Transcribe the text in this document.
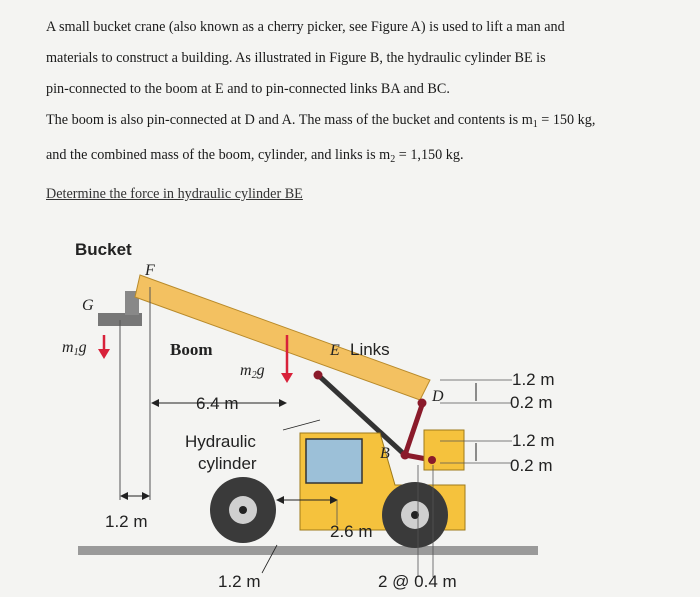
A small bucket crane (also known as a cherry picker, see Figure A) is used to lift a man and

materials to construct a building. As illustrated in Figure B, the hydraulic cylinder BE is

pin-connected to the boom at E and to pin-connected links BA and BC.

The boom is also pin-connected at D and A. The mass of the bucket and contents is $m_1 = 150$ kg,

and the combined mass of the boom, cylinder, and links is $m_2 = 1,150$ kg.

Determine the force in hydraulic cylinder BE

Bucket
F
G
m1g	Boom
m2g
E Links
6.4 m
Hydraulic
cylinder
B
D
1.2 m
2.6 m
1.2 m	2 @ 0.4 m
1.2 m
0.2 m
1.2 m
0.2 m
